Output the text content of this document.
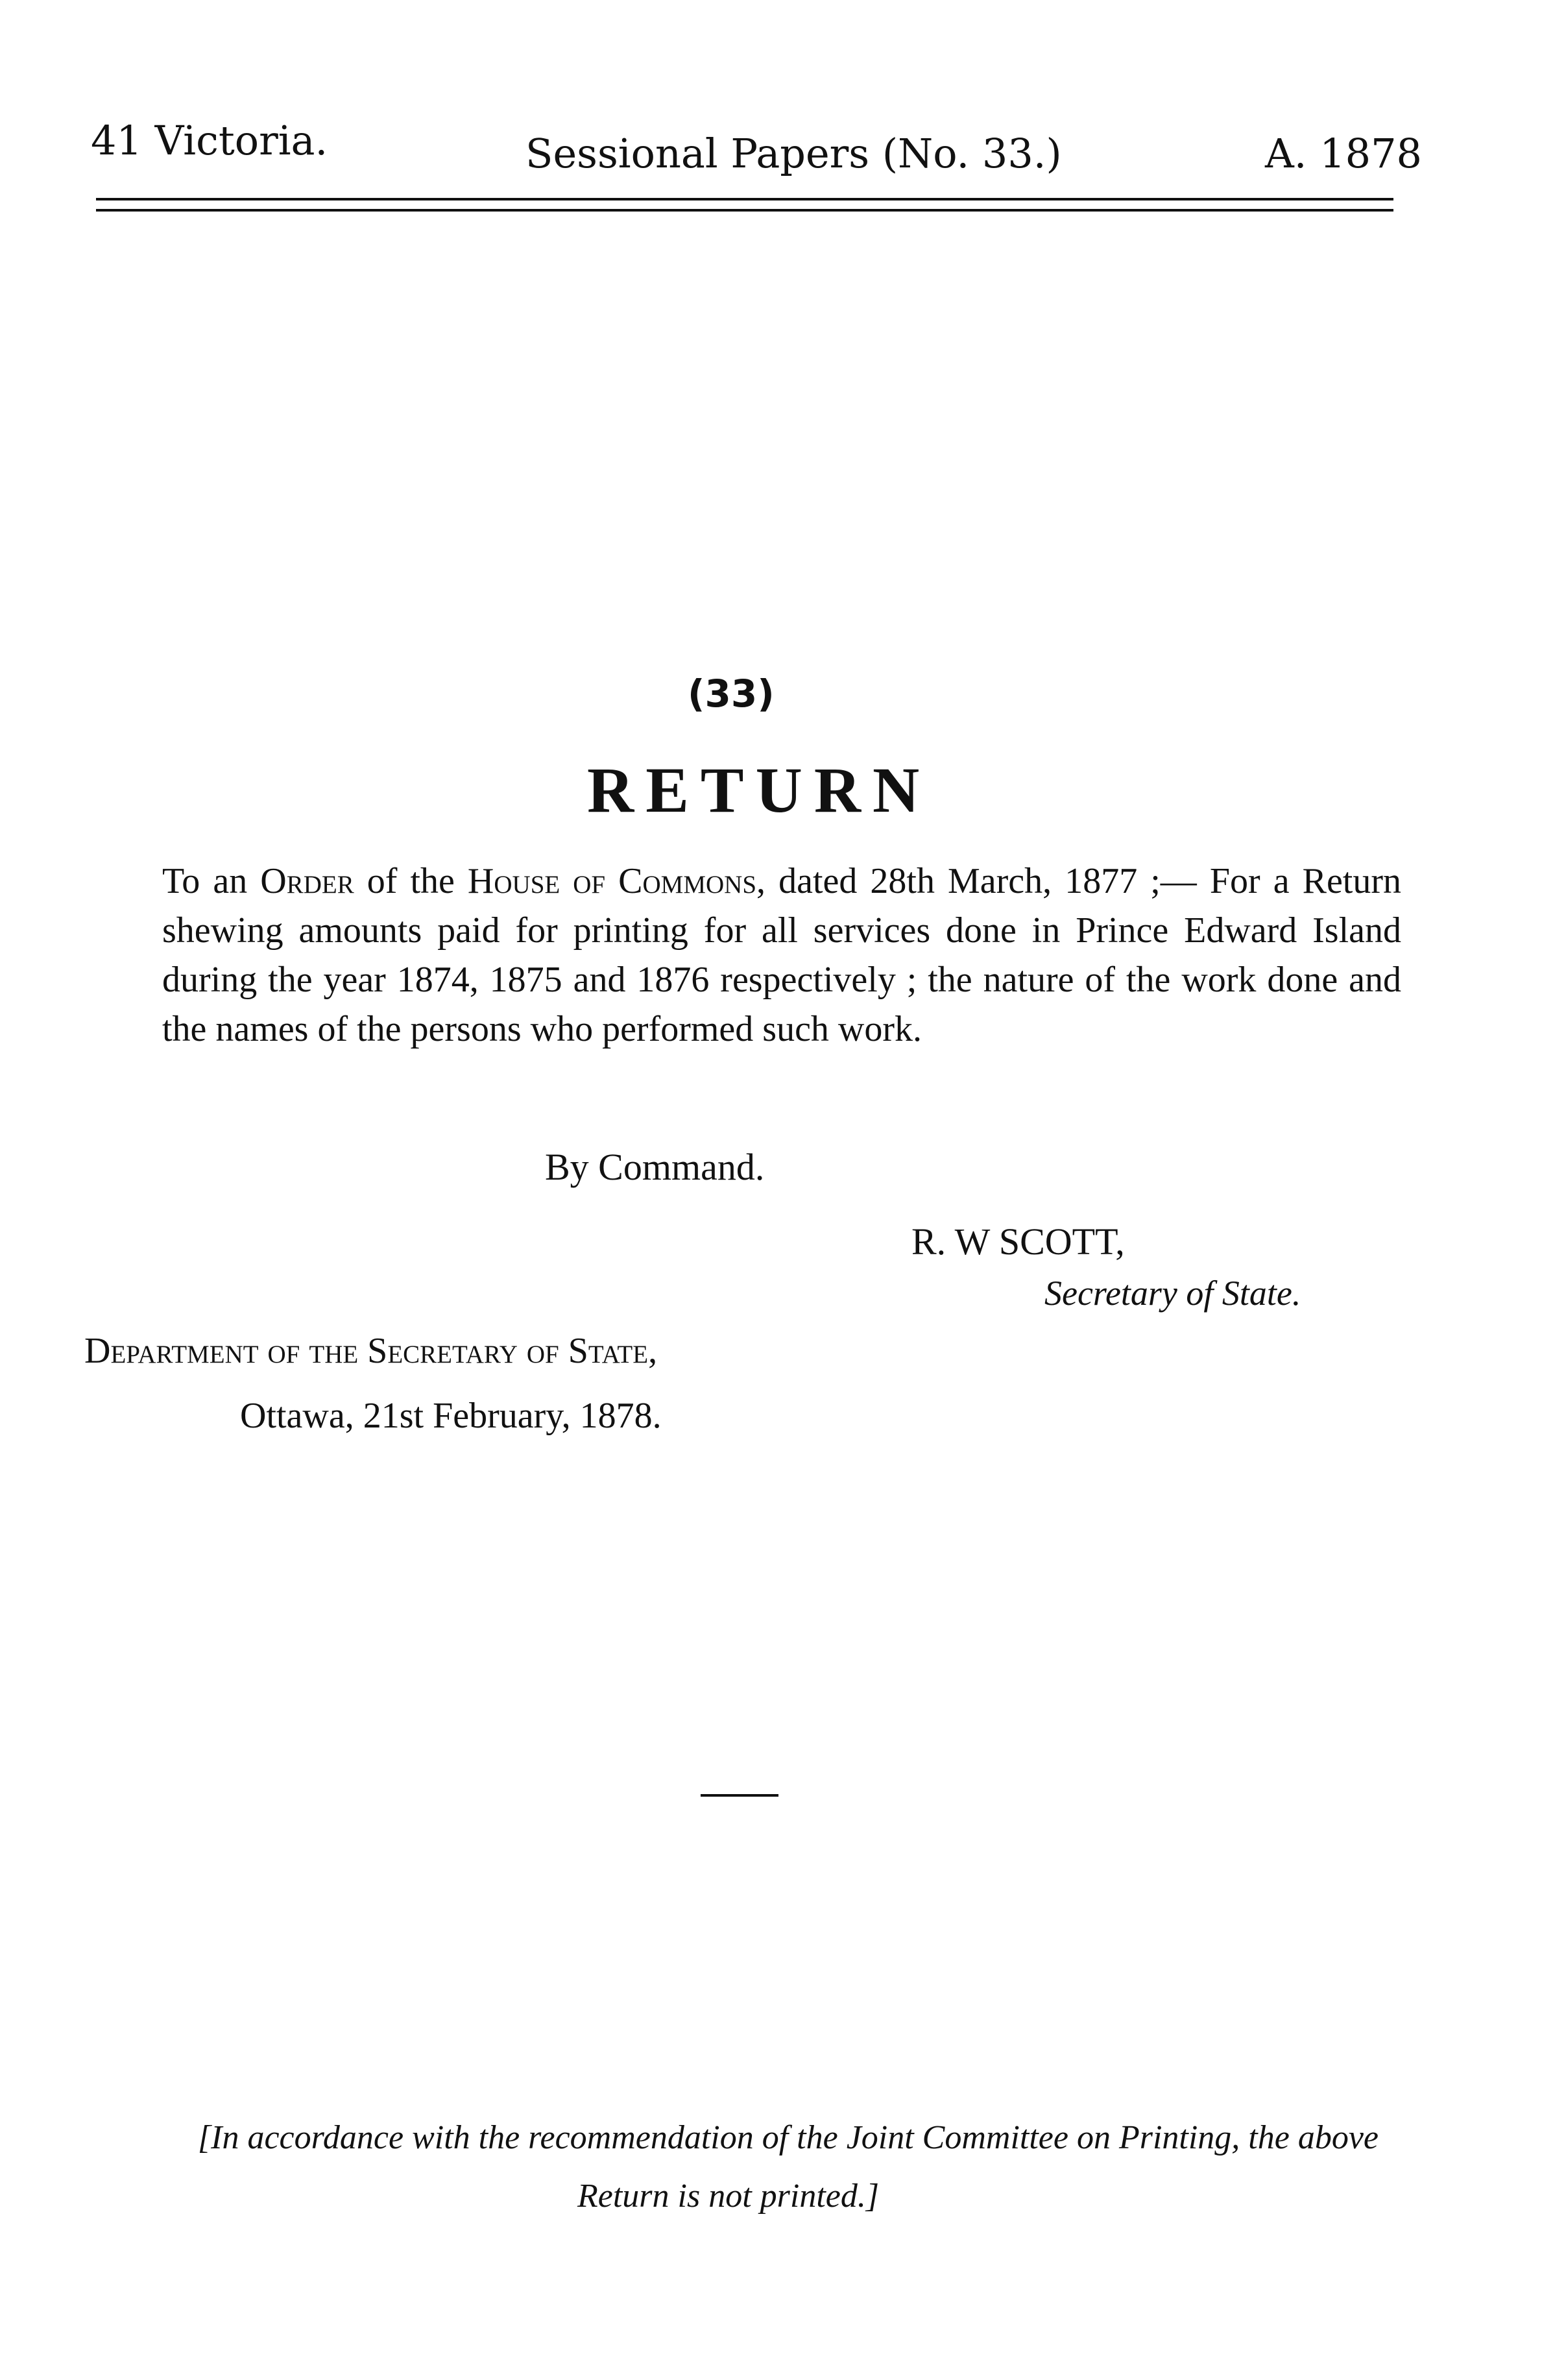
41 Victoria.	Sessional Papers (No. 33.)	A. 1878
(33)
RETURN
To an Order of the House of Commons, dated 28th March, 1877 ;— For a Return shewing amounts paid for printing for all services done in Prince Edward Island during the year 1874, 1875 and 1876 respectively ; the nature of the work done and the names of the persons who performed such work.
By Command.
R. W SCOTT,
Secretary of State.
Department of the Secretary of State,
Ottawa, 21st February, 1878.
[In accordance with the recommendation of the Joint Committee on Printing, the above
Return is not printed.]
